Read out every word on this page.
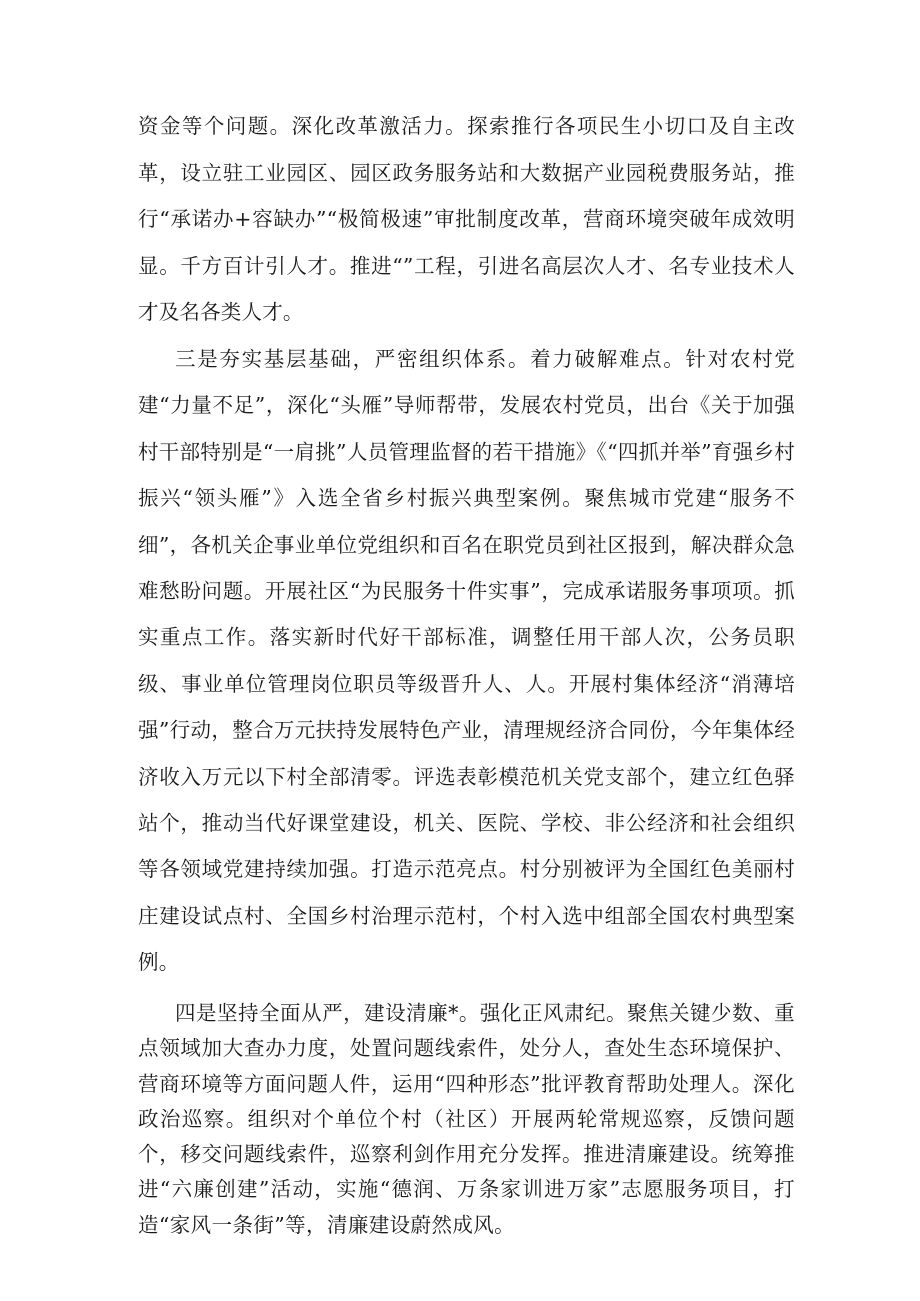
资金等个问题。深化改革激活力。探索推行各项民生小切口及自主改革，设立驻工业园区、园区政务服务站和大数据产业园税费服务站，推行“承诺办+容缺办”“极简极速”审批制度改革，营商环境突破年成效明显。千方百计引人才。推进“”工程，引进名高层次人才、名专业技术人才及名各类人才。

三是夯实基层基础，严密组织体系。着力破解难点。针对农村党建“力量不足”，深化“头雁”导师帮带，发展农村党员，出台《关于加强村干部特别是“一肩挑”人员管理监督的若干措施》《“四抓并举”育强乡村振兴“领头雁”》入选全省乡村振兴典型案例。聚焦城市党建“服务不细”，各机关企事业单位党组织和百名在职党员到社区报到，解决群众急难愁盼问题。开展社区“为民服务十件实事”，完成承诺服务事项项。抓实重点工作。落实新时代好干部标准，调整任用干部人次，公务员职级、事业单位管理岗位职员等级晋升人、人。开展村集体经济“消薄培强”行动，整合万元扶持发展特色产业，清理规经济合同份，今年集体经济收入万元以下村全部清零。评选表彰模范机关党支部个，建立红色驿站个，推动当代好课堂建设，机关、医院、学校、非公经济和社会组织等各领域党建持续加强。打造示范亮点。村分别被评为全国红色美丽村庄建设试点村、全国乡村治理示范村，个村入选中组部全国农村典型案例。

四是坚持全面从严，建设清廉*。强化正风肃纪。聚焦关键少数、重点领域加大查办力度，处置问题线索件，处分人，查处生态环境保护、营商环境等方面问题人件，运用“四种形态”批评教育帮助处理人。深化政治巡察。组织对个单位个村（社区）开展两轮常规巡察，反馈问题个，移交问题线索件，巡察利剑作用充分发挥。推进清廉建设。统筹推进“六廉创建”活动，实施“德润、万条家训进万家”志愿服务项目，打造“家风一条街”等，清廉建设蔚然成风。
